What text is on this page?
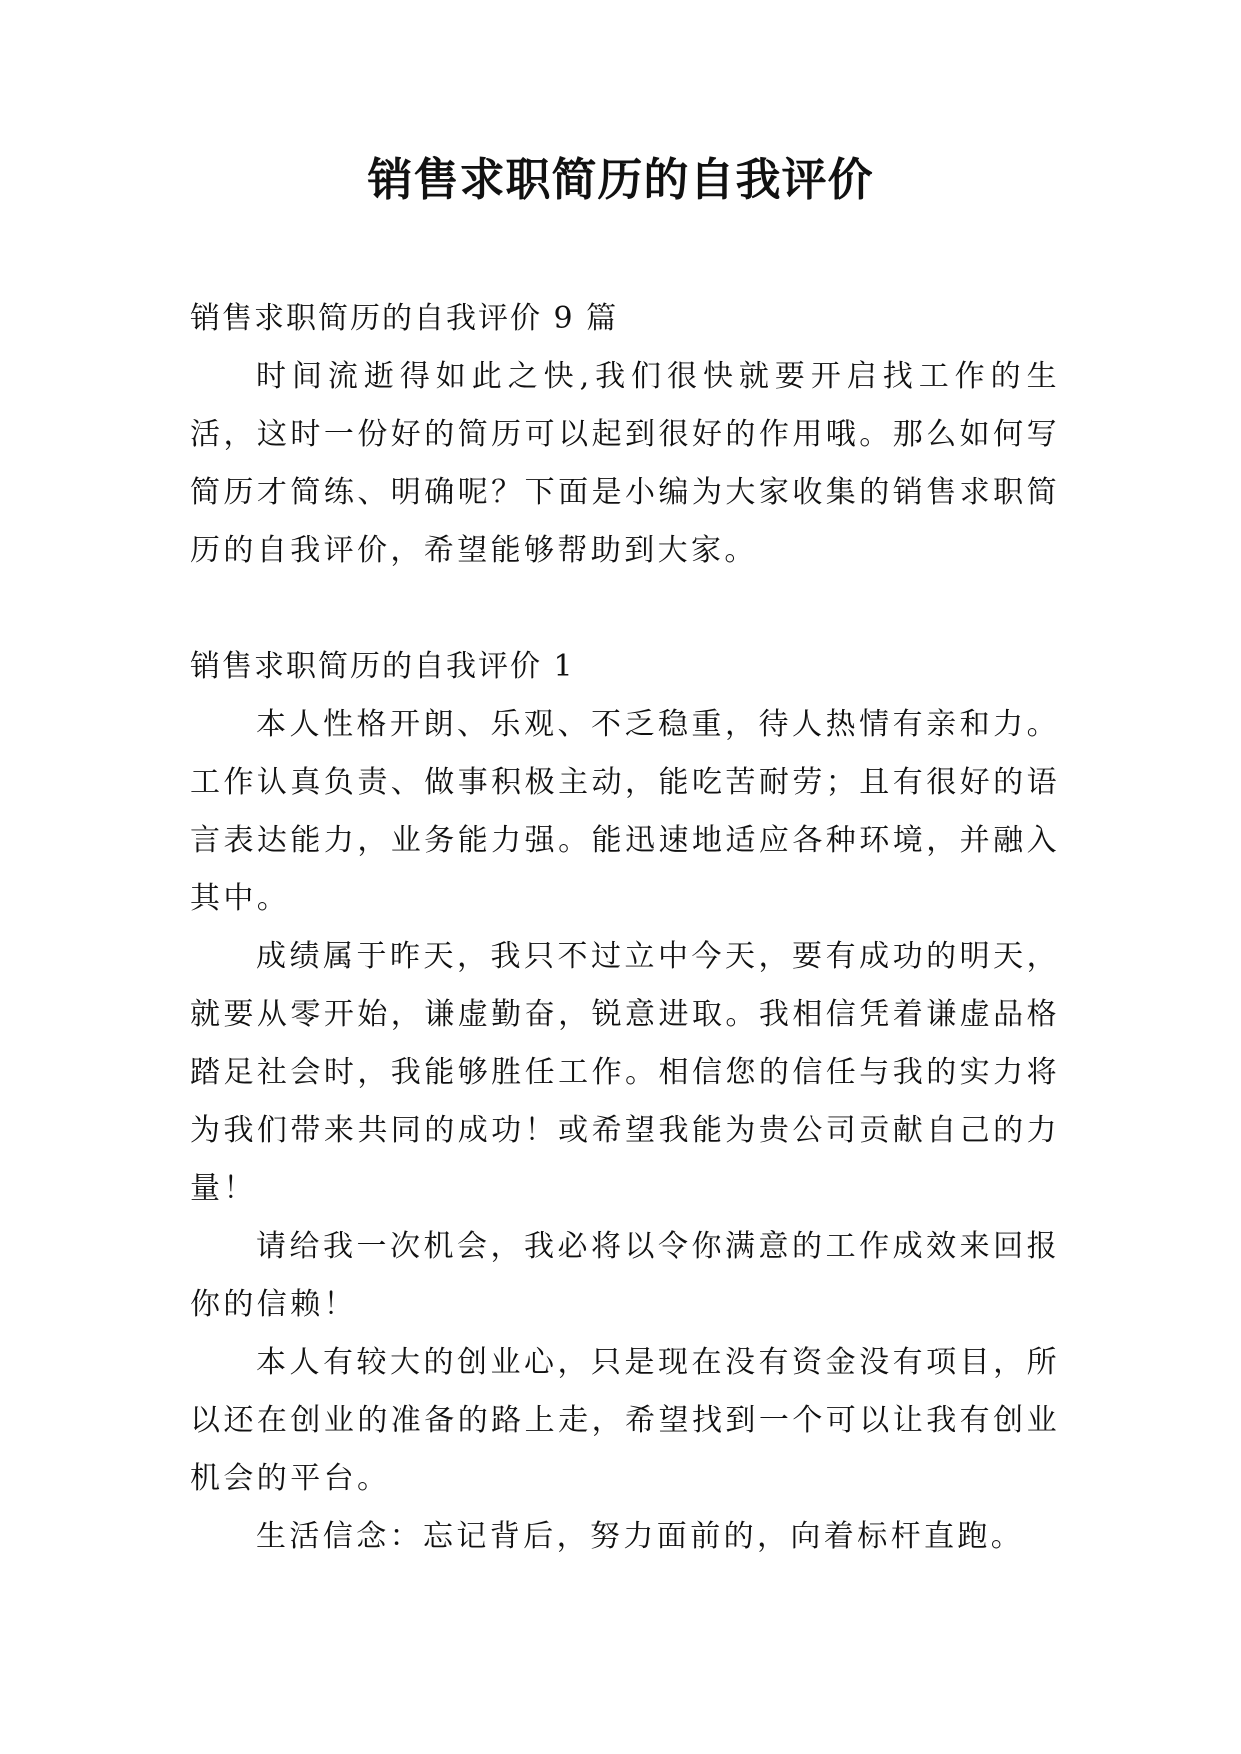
销售求职简历的自我评价

销售求职简历的自我评价 9 篇

时间流逝得如此之快,我们很快就要开启找工作的生活，这时一份好的简历可以起到很好的作用哦。那么如何写简历才简练、明确呢？下面是小编为大家收集的销售求职简历的自我评价，希望能够帮助到大家。

销售求职简历的自我评价 1

本人性格开朗、乐观、不乏稳重，待人热情有亲和力。工作认真负责、做事积极主动，能吃苦耐劳；且有很好的语言表达能力，业务能力强。能迅速地适应各种环境，并融入其中。

成绩属于昨天，我只不过立中今天，要有成功的明天，就要从零开始，谦虚勤奋，锐意进取。我相信凭着谦虚品格踏足社会时，我能够胜任工作。相信您的信任与我的实力将为我们带来共同的成功！或希望我能为贵公司贡献自己的力量！

请给我一次机会，我必将以令你满意的工作成效来回报你的信赖！

本人有较大的创业心，只是现在没有资金没有项目，所以还在创业的准备的路上走，希望找到一个可以让我有创业机会的平台。

生活信念：忘记背后，努力面前的，向着标杆直跑。
